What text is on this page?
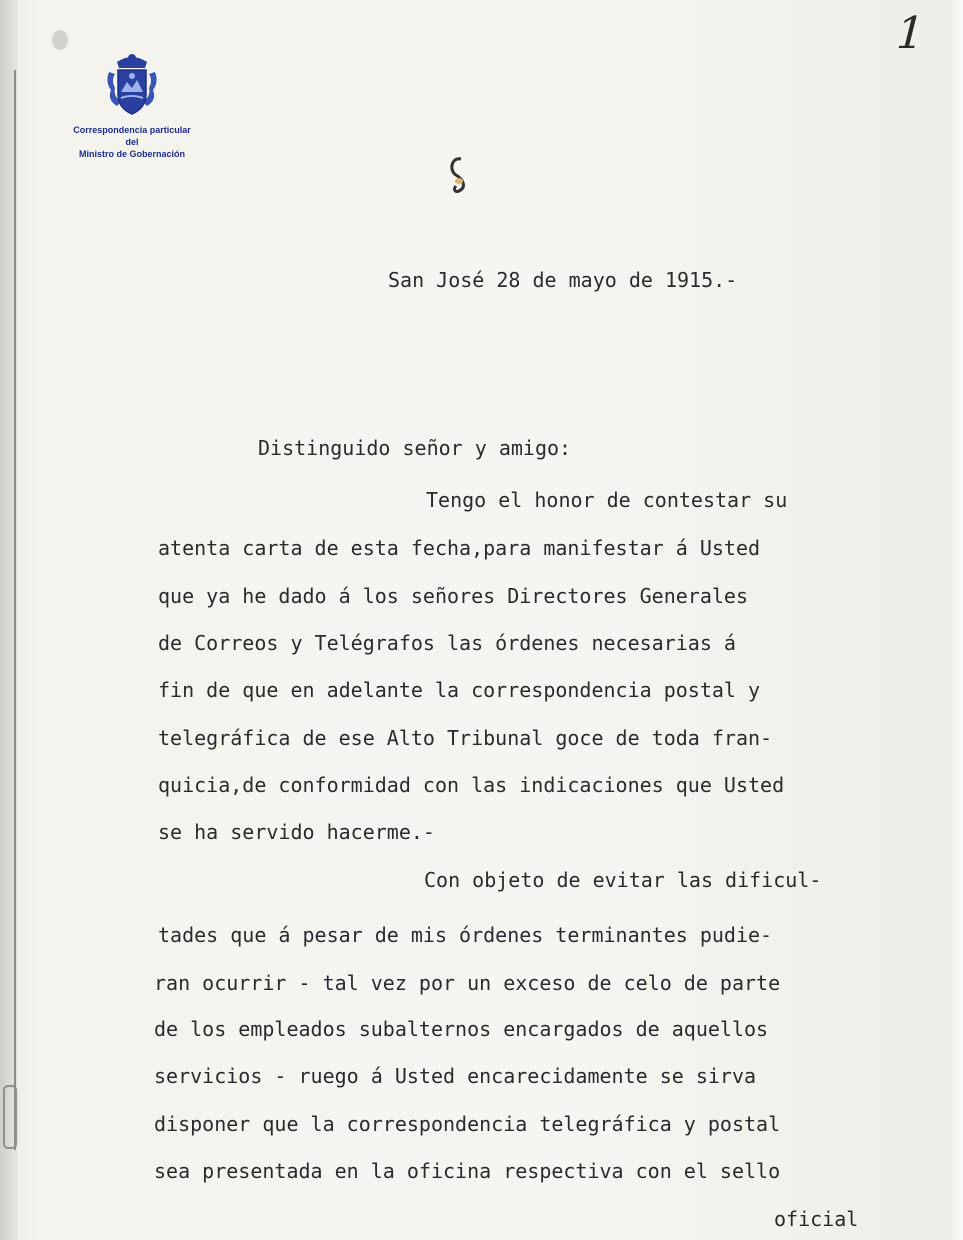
1
Correspondencia particular
del
Ministro de Gobernación

San José 28 de mayo de 1915.-

Distinguido señor y amigo:

Tengo el honor de contestar su

atenta carta de esta fecha,para manifestar á Usted

que ya he dado á los señores Directores Generales

de Correos y Telégrafos las órdenes necesarias á

fin de que en adelante la correspondencia postal y

telegráfica de ese Alto Tribunal goce de toda fran-

quicia,de conformidad con las indicaciones que Usted

se ha servido hacerme.-

Con objeto de evitar las dificul-

tades que á pesar de mis órdenes terminantes pudie-

ran ocurrir - tal vez por un exceso de celo de parte

de los empleados subalternos encargados de aquellos

servicios - ruego á Usted encarecidamente se sirva

disponer que la correspondencia telegráfica y postal

sea presentada en la oficina respectiva con el sello

oficial
